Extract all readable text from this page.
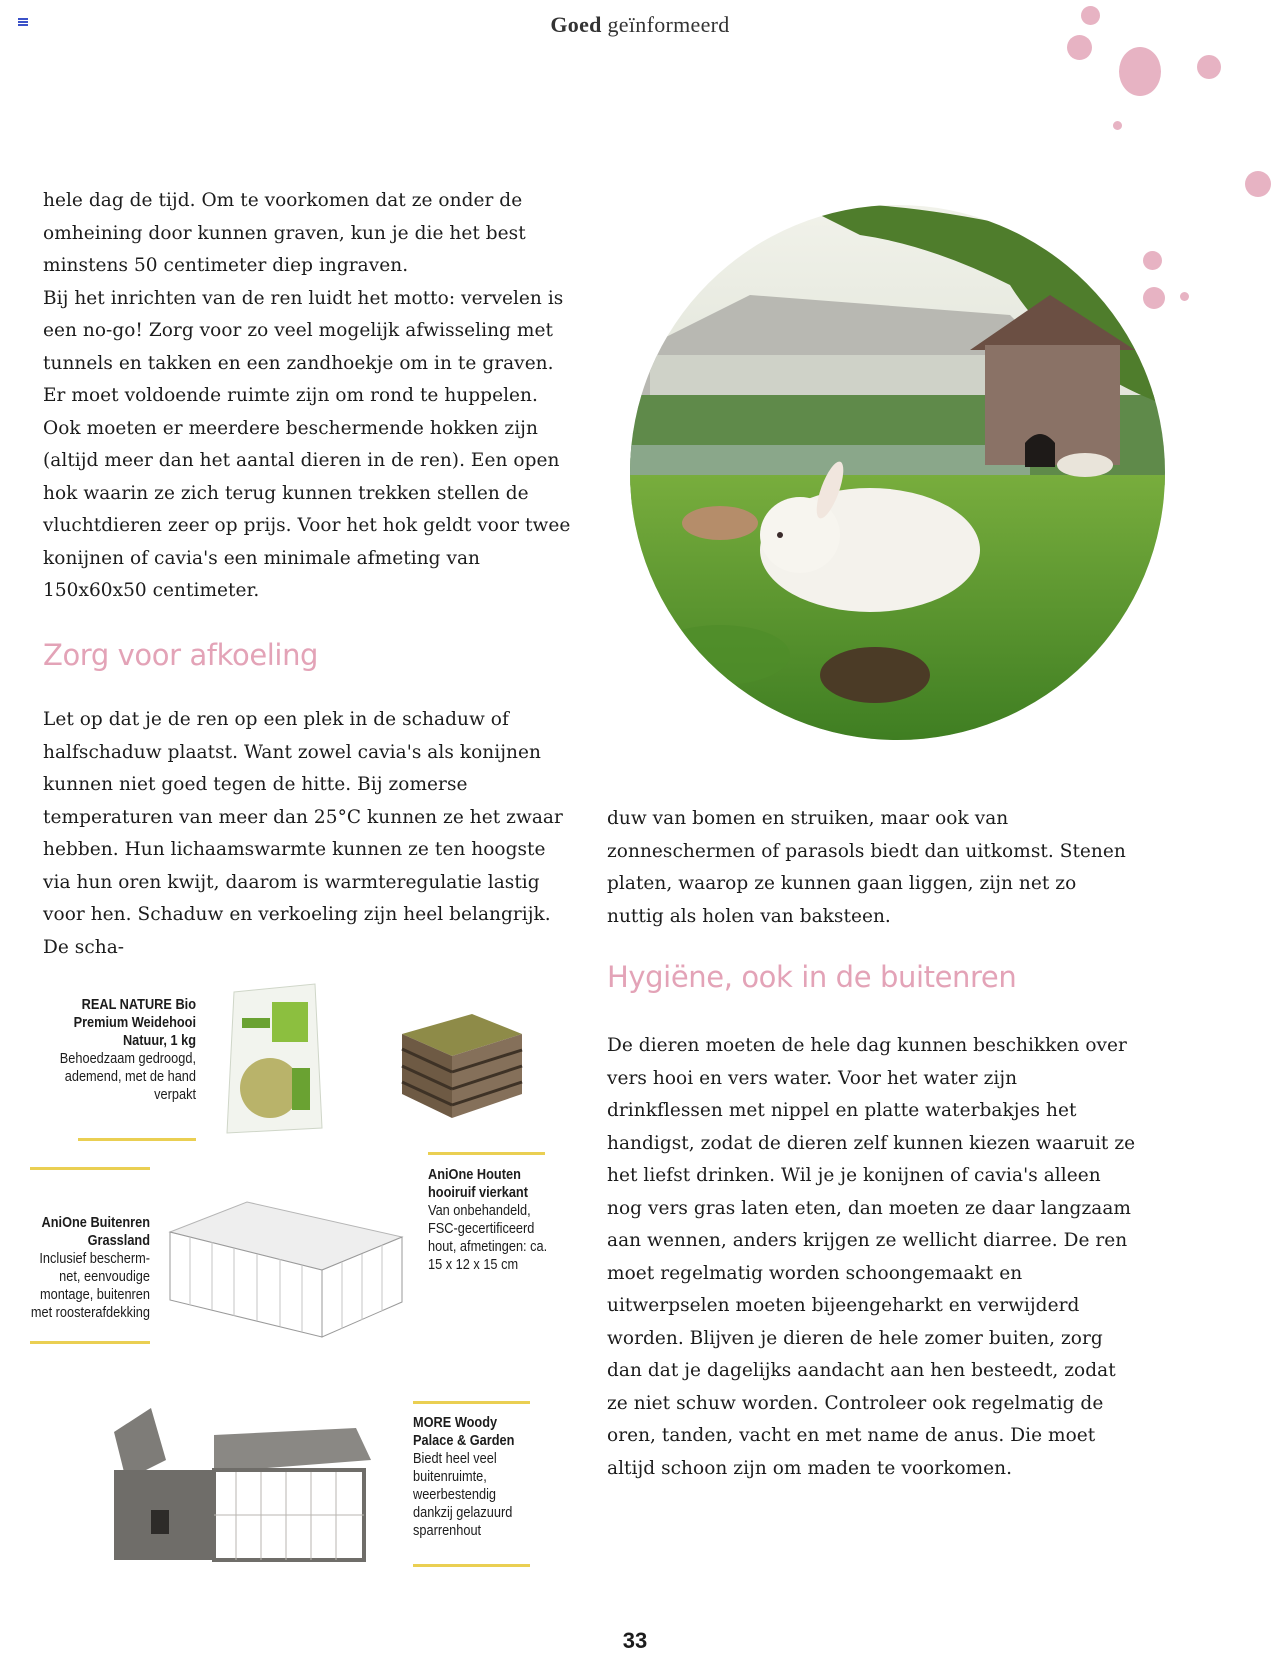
Goed geïnformeerd

hele dag de tijd. Om te voorkomen dat ze onder de omheining door kunnen graven, kun je die het best minstens 50 centimeter diep ingraven.

Bij het inrichten van de ren luidt het motto: vervelen is een no-go! Zorg voor zo veel mogelijk afwisseling met tunnels en takken en een zandhoekje om in te graven. Er moet voldoende ruimte zijn om rond te huppelen. Ook moeten er meerdere beschermende hokken zijn (altijd meer dan het aantal dieren in de ren). Een open hok waarin ze zich terug kunnen trekken stellen de vluchtdieren zeer op prijs. Voor het hok geldt voor twee konijnen of cavia's een minimale afmeting van 150x60x50 centimeter.

Zorg voor afkoeling

Let op dat je de ren op een plek in de schaduw of halfschaduw plaatst. Want zowel cavia's als konijnen kunnen niet goed tegen de hitte. Bij zomerse temperaturen van meer dan 25°C kunnen ze het zwaar hebben. Hun lichaamswarmte kunnen ze ten hoogste via hun oren kwijt, daarom is warmteregulatie lastig voor hen. Schaduw en verkoeling zijn heel belangrijk. De scha-

duw van bomen en struiken, maar ook van zonneschermen of parasols biedt dan uitkomst. Stenen platen, waarop ze kunnen gaan liggen, zijn net zo nuttig als holen van baksteen.

Hygiëne, ook in de buitenren

De dieren moeten de hele dag kunnen beschikken over vers hooi en vers water. Voor het water zijn drinkflessen met nippel en platte waterbakjes het handigst, zodat de dieren zelf kunnen kiezen waaruit ze het liefst drinken. Wil je je konijnen of cavia's alleen nog vers gras laten eten, dan moeten ze daar langzaam aan wennen, anders krijgen ze wellicht diarree. De ren moet regelmatig worden schoongemaakt en uitwerpselen moeten bijeengeharkt en verwijderd worden. Blijven je dieren de hele zomer buiten, zorg dan dat je dagelijks aandacht aan hen besteedt, zodat ze niet schuw worden. Controleer ook regelmatig de oren, tanden, vacht en met name de anus. Die moet altijd schoon zijn om maden te voorkomen.

REAL NATURE Bio Premium Weidehooi Natuur, 1 kg
Behoedzaam gedroogd, ademend, met de hand verpakt
AniOne Houten hooiruif vierkant
Van onbehandeld, FSC-gecertificeerd hout, afmetingen: ca. 15 x 12 x 15 cm
AniOne Buitenren Grassland
Inclusief bescherm-net, eenvoudige montage, buitenren met roosterafdekking
MORE Woody Palace & Garden
Biedt heel veel buitenruimte, weerbestendig dankzij gelazuurd sparrenhout
33
